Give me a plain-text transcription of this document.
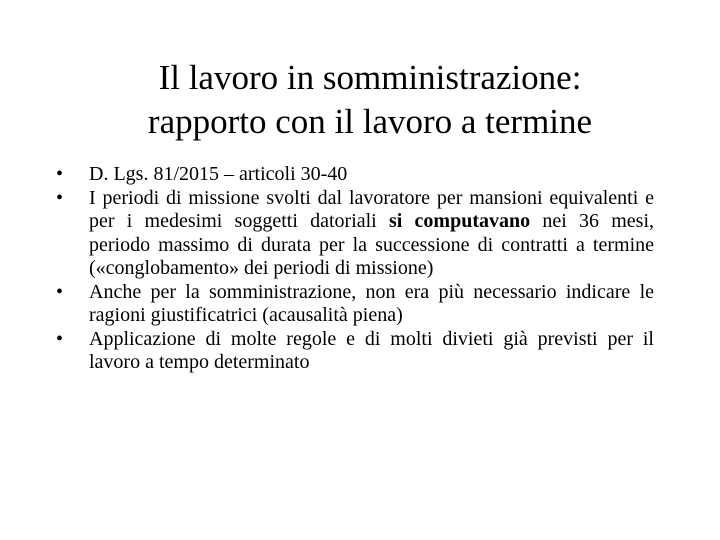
Il lavoro in somministrazione:
rapporto con il lavoro a termine
•	D. Lgs. 81/2015 – articoli 30-40
•	I periodi di missione svolti dal lavoratore per mansioni equivalenti e per i medesimi soggetti datoriali si computavano nei 36 mesi, periodo massimo di durata per la successione di contratti a termine («conglobamento» dei periodi di missione)
•	Anche per la somministrazione, non era più necessario indicare le ragioni giustificatrici (acausalità piena)
•	Applicazione di molte regole e di molti divieti già previsti per il lavoro a tempo determinato
